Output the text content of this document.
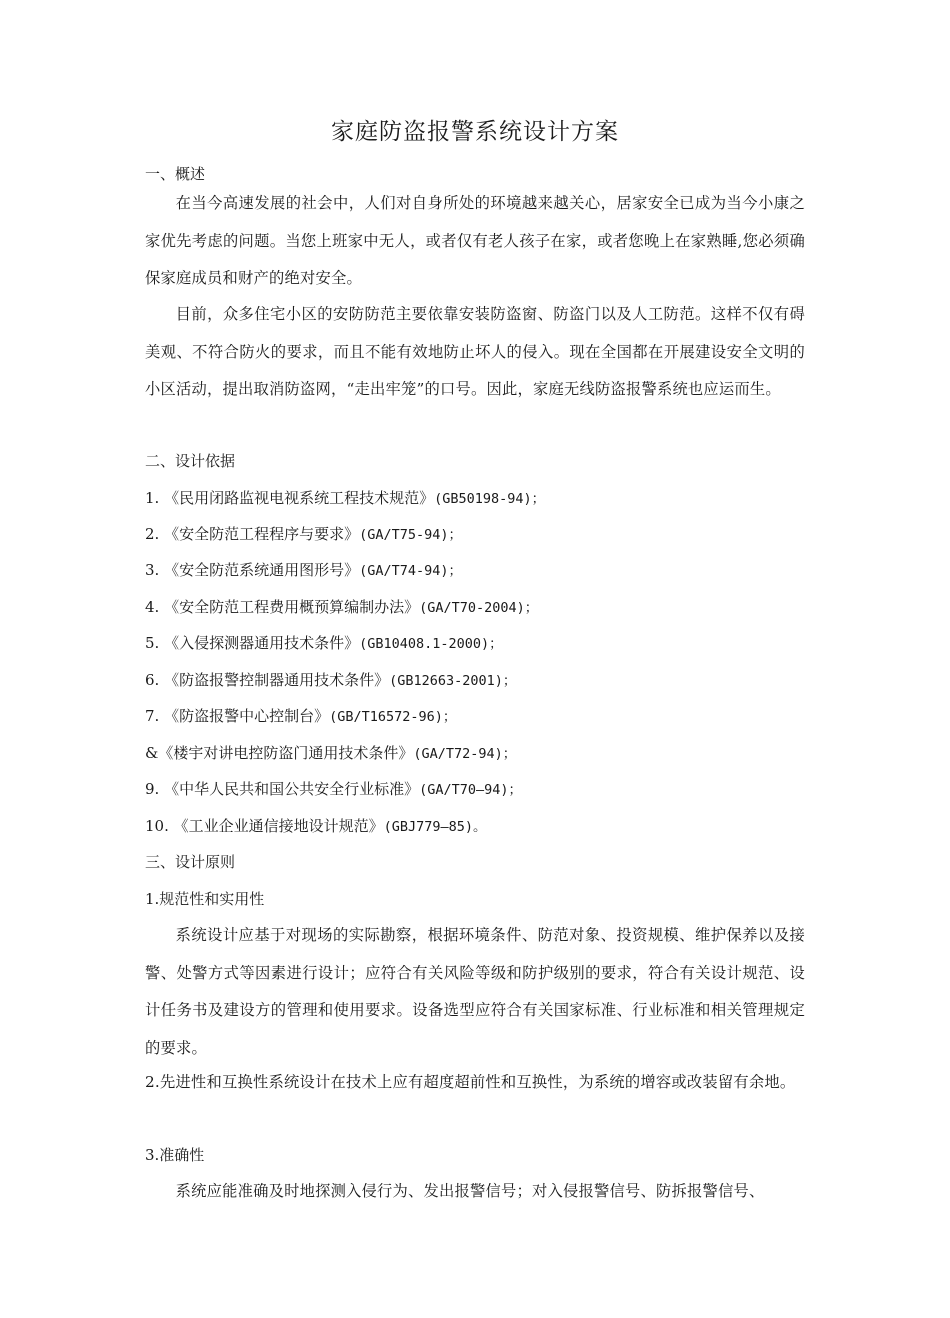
家庭防盗报警系统设计方案
一、概述
在当今高速发展的社会中，人们对自身所处的环境越来越关心，居家安全已成为当今小康之家优先考虑的问题。当您上班家中无人，或者仅有老人孩子在家，或者您晚上在家熟睡,您必须确保家庭成员和财产的绝对安全。
目前，众多住宅小区的安防防范主要依靠安装防盗窗、防盗门以及人工防范。这样不仅有碍美观、不符合防火的要求，而且不能有效地防止坏人的侵入。现在全国都在开展建设安全文明的小区活动，提出取消防盗网，“走出牢笼”的口号。因此，家庭无线防盗报警系统也应运而生。
二、设计依据
1. 《民用闭路监视电视系统工程技术规范》(GB50198-94)；
2. 《安全防范工程程序与要求》(GA/T75-94)；
3. 《安全防范系统通用图形号》(GA/T74-94)；
4. 《安全防范工程费用概预算编制办法》(GA/T70-2004)；
5. 《入侵探测器通用技术条件》(GB10408.1-2000)；
6. 《防盗报警控制器通用技术条件》(GB12663-2001)；
7. 《防盗报警中心控制台》(GB/T16572-96)；
&《楼宇对讲电控防盗门通用技术条件》(GA/T72-94)；
9. 《中华人民共和国公共安全行业标准》(GA/T70—94)；
10. 《工业企业通信接地设计规范》(GBJ779—85)。
三、设计原则
1.规范性和实用性
系统设计应基于对现场的实际勘察，根据环境条件、防范对象、投资规模、维护保养以及接警、处警方式等因素进行设计；应符合有关风险等级和防护级别的要求，符合有关设计规范、设计任务书及建设方的管理和使用要求。设备选型应符合有关国家标准、行业标准和相关管理规定的要求。
2.先进性和互换性系统设计在技术上应有超度超前性和互换性，为系统的增容或改装留有余地。
3.准确性
系统应能准确及时地探测入侵行为、发出报警信号；对入侵报警信号、防拆报警信号、
